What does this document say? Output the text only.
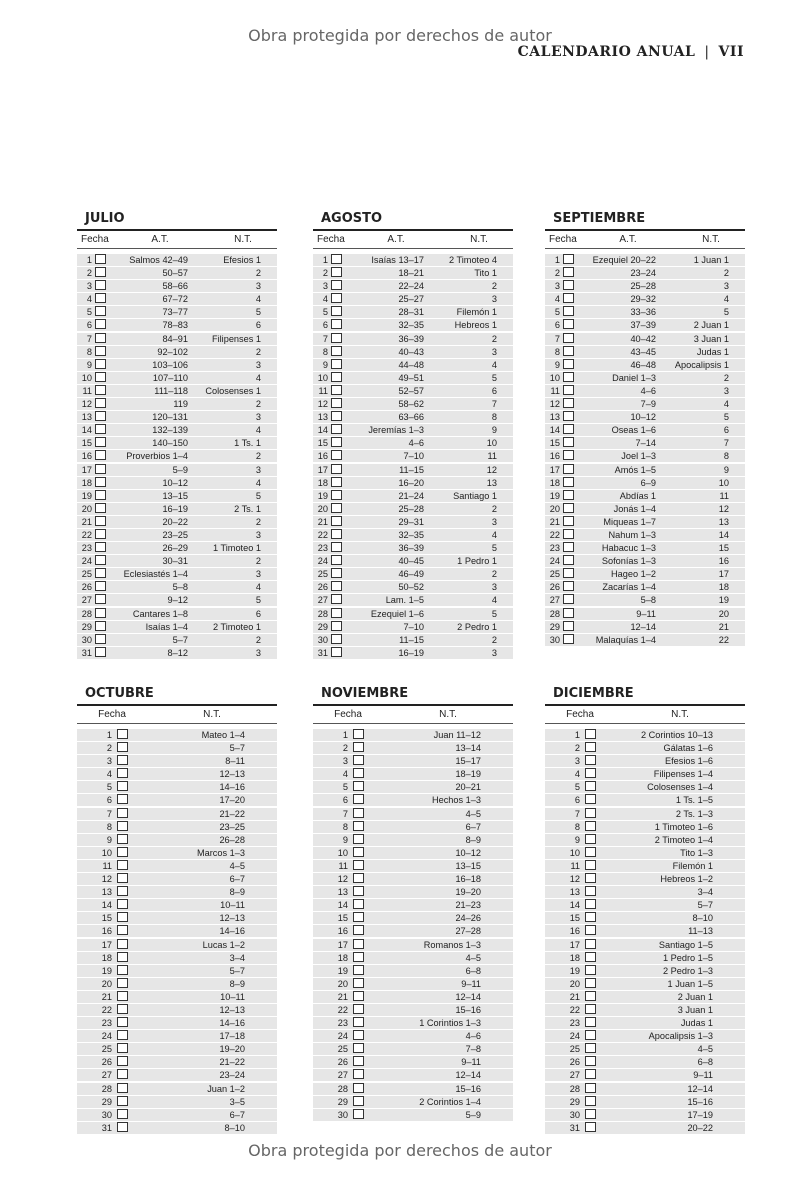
Obra protegida por derechos de autor
CALENDARIO ANUAL | VII
JULIO
Fecha	A.T.	N.T.
1	Salmos 42–49	Efesios 1
2	50–57	2
3	58–66	3
4	67–72	4
5	73–77	5
6	78–83	6
7	84–91	Filipenses 1
8	92–102	2
9	103–106	3
10	107–110	4
11	111–118	Colosenses 1
12	119	2
13	120–131	3
14	132–139	4
15	140–150	1 Ts. 1
16	Proverbios 1–4	2
17	5–9	3
18	10–12	4
19	13–15	5
20	16–19	2 Ts. 1
21	20–22	2
22	23–25	3
23	26–29	1 Timoteo 1
24	30–31	2
25	Eclesiastés 1–4	3
26	5–8	4
27	9–12	5
28	Cantares 1–8	6
29	Isaías 1–4	2 Timoteo 1
30	5–7	2
31	8–12	3
AGOSTO
Fecha	A.T.	N.T.
1	Isaías 13–17	2 Timoteo 4
2	18–21	Tito 1
3	22–24	2
4	25–27	3
5	28–31	Filemón 1
6	32–35	Hebreos 1
7	36–39	2
8	40–43	3
9	44–48	4
10	49–51	5
11	52–57	6
12	58–62	7
13	63–66	8
14	Jeremías 1–3	9
15	4–6	10
16	7–10	11
17	11–15	12
18	16–20	13
19	21–24	Santiago 1
20	25–28	2
21	29–31	3
22	32–35	4
23	36–39	5
24	40–45	1 Pedro 1
25	46–49	2
26	50–52	3
27	Lam. 1–5	4
28	Ezequiel 1–6	5
29	7–10	2 Pedro 1
30	11–15	2
31	16–19	3
SEPTIEMBRE
Fecha	A.T.	N.T.
1	Ezequiel 20–22	1 Juan 1
2	23–24	2
3	25–28	3
4	29–32	4
5	33–36	5
6	37–39	2 Juan 1
7	40–42	3 Juan 1
8	43–45	Judas 1
9	46–48	Apocalipsis 1
10	Daniel 1–3	2
11	4–6	3
12	7–9	4
13	10–12	5
14	Oseas 1–6	6
15	7–14	7
16	Joel 1–3	8
17	Amós 1–5	9
18	6–9	10
19	Abdías 1	11
20	Jonás 1–4	12
21	Miqueas 1–7	13
22	Nahum 1–3	14
23	Habacuc 1–3	15
24	Sofonías 1–3	16
25	Hageo 1–2	17
26	Zacarías 1–4	18
27	5–8	19
28	9–11	20
29	12–14	21
30	Malaquías 1–4	22
OCTUBRE
Fecha	N.T.
1	Mateo 1–4
2	5–7
3	8–11
4	12–13
5	14–16
6	17–20
7	21–22
8	23–25
9	26–28
10	Marcos 1–3
11	4–5
12	6–7
13	8–9
14	10–11
15	12–13
16	14–16
17	Lucas 1–2
18	3–4
19	5–7
20	8–9
21	10–11
22	12–13
23	14–16
24	17–18
25	19–20
26	21–22
27	23–24
28	Juan 1–2
29	3–5
30	6–7
31	8–10
NOVIEMBRE
Fecha	N.T.
1	Juan 11–12
2	13–14
3	15–17
4	18–19
5	20–21
6	Hechos 1–3
7	4–5
8	6–7
9	8–9
10	10–12
11	13–15
12	16–18
13	19–20
14	21–23
15	24–26
16	27–28
17	Romanos 1–3
18	4–5
19	6–8
20	9–11
21	12–14
22	15–16
23	1 Corintios 1–3
24	4–6
25	7–8
26	9–11
27	12–14
28	15–16
29	2 Corintios 1–4
30	5–9
DICIEMBRE
Fecha	N.T.
1	2 Corintios 10–13
2	Gálatas 1–6
3	Efesios 1–6
4	Filipenses 1–4
5	Colosenses 1–4
6	1 Ts. 1–5
7	2 Ts. 1–3
8	1 Timoteo 1–6
9	2 Timoteo 1–4
10	Tito 1–3
11	Filemón 1
12	Hebreos 1–2
13	3–4
14	5–7
15	8–10
16	11–13
17	Santiago 1–5
18	1 Pedro 1–5
19	2 Pedro 1–3
20	1 Juan 1–5
21	2 Juan 1
22	3 Juan 1
23	Judas 1
24	Apocalipsis 1–3
25	4–5
26	6–8
27	9–11
28	12–14
29	15–16
30	17–19
31	20–22
Obra protegida por derechos de autor
